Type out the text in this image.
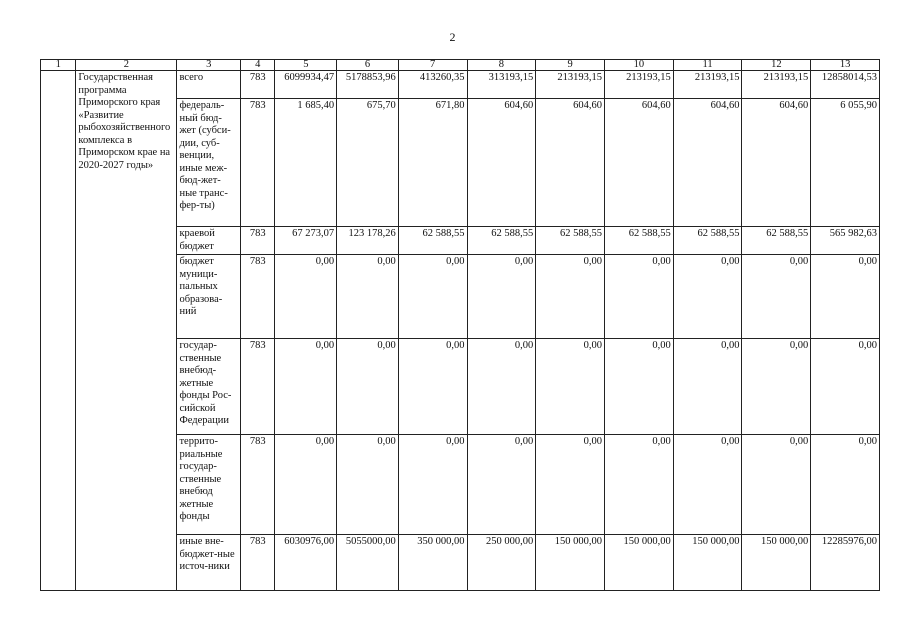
2
1	2	3	4	5	6	7	8	9	10	11	12	13
	Государственная программа Приморского края «Развитие рыбохозяйственного комплекса в Приморском крае на 2020-2027 годы»	всего	783	6099934,47	5178853,96	413260,35	313193,15	213193,15	213193,15	213193,15	213193,15	12858014,53
		федераль-ный бюд-жет (субси-дии, суб-венции, иные меж-бюд-жет-ные транс-фер-ты)	783	1 685,40	675,70	671,80	604,60	604,60	604,60	604,60	604,60	6 055,90
		краевой бюджет	783	67 273,07	123 178,26	62 588,55	62 588,55	62 588,55	62 588,55	62 588,55	62 588,55	565 982,63
		бюджет муници-пальных образова-ний	783	0,00	0,00	0,00	0,00	0,00	0,00	0,00	0,00	0,00
		государ-ственные внебюд-жетные фонды Рос-сийской Федерации	783	0,00	0,00	0,00	0,00	0,00	0,00	0,00	0,00	0,00
		террито-риальные государ-ственные внебюд жетные фонды	783	0,00	0,00	0,00	0,00	0,00	0,00	0,00	0,00	0,00
		иные вне-бюджет-ные источ-ники	783	6030976,00	5055000,00	350 000,00	250 000,00	150 000,00	150 000,00	150 000,00	150 000,00	12285976,00
